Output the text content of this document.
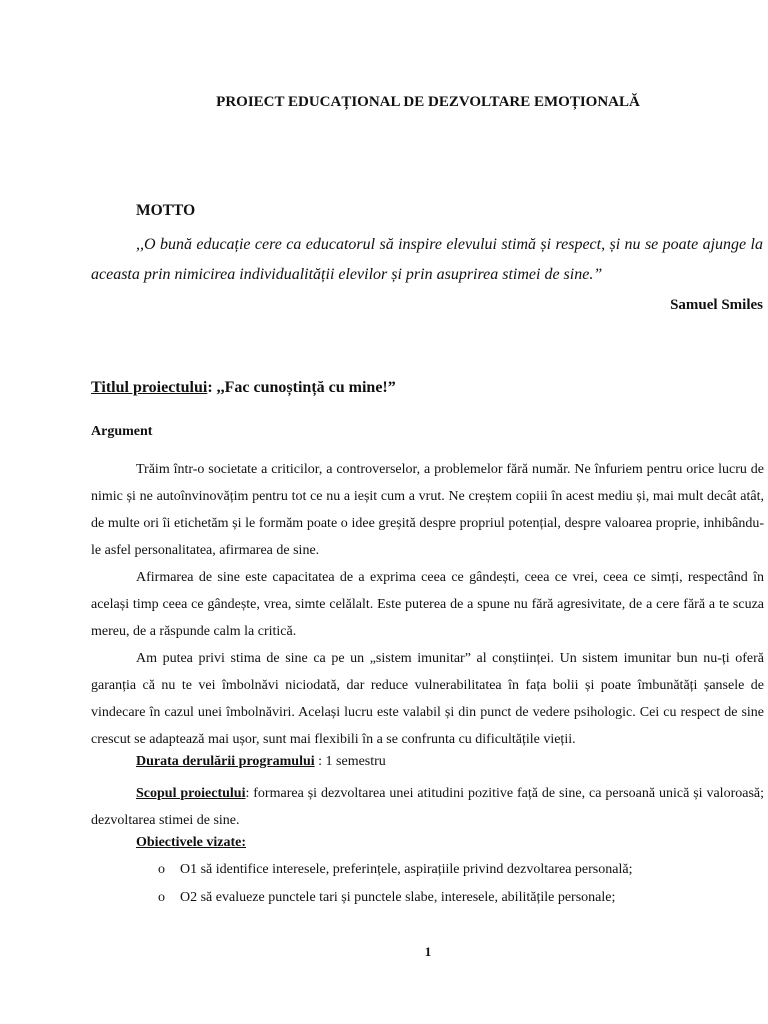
PROIECT EDUCAȚIONAL DE DEZVOLTARE EMOȚIONALĂ
MOTTO
,,O bună educație cere ca educatorul să inspire elevului stimă și respect, și nu se poate ajunge la aceasta prin nimicirea individualității elevilor și prin asuprirea stimei de sine.”
Samuel Smiles
Titlul proiectului: ,,Fac cunoștință cu mine!”
Argument
Trăim într-o societate a criticilor, a controverselor, a problemelor fără număr. Ne înfuriem pentru orice lucru de nimic și ne autoînvinovățim pentru tot ce nu a ieșit cum a vrut. Ne creștem copiii în acest mediu și, mai mult decât atât, de multe ori îi etichetăm și le formăm poate o idee greșită despre propriul potențial, despre valoarea proprie, inhibându-le asfel personalitatea, afirmarea de sine.
Afirmarea de sine este capacitatea de a exprima ceea ce gândești, ceea ce vrei, ceea ce simți, respectând în același timp ceea ce gândește, vrea, simte celălalt. Este puterea de a spune nu fără agresivitate, de a cere fără a te scuza mereu, de a răspunde calm la critică.
Am putea privi stima de sine ca pe un „sistem imunitar” al conștiinței. Un sistem imunitar bun nu-ți oferă garanția că nu te vei îmbolnăvi niciodată, dar reduce vulnerabilitatea în fața bolii și poate îmbunătăți șansele de vindecare în cazul unei îmbolnăviri. Același lucru este valabil și din punct de vedere psihologic. Cei cu respect de sine crescut se adaptează mai ușor, sunt mai flexibili în a se confrunta cu dificultățile vieții.
Durata derulării programului : 1 semestru
Scopul proiectului: formarea și dezvoltarea unei atitudini pozitive față de sine, ca persoană unică și valoroasă; dezvoltarea stimei de sine.
Obiectivele vizate:
o O1 să identifice interesele, preferințele, aspirațiile privind dezvoltarea personală;
o O2 să evalueze punctele tari și punctele slabe, interesele, abilitățile personale;
1
